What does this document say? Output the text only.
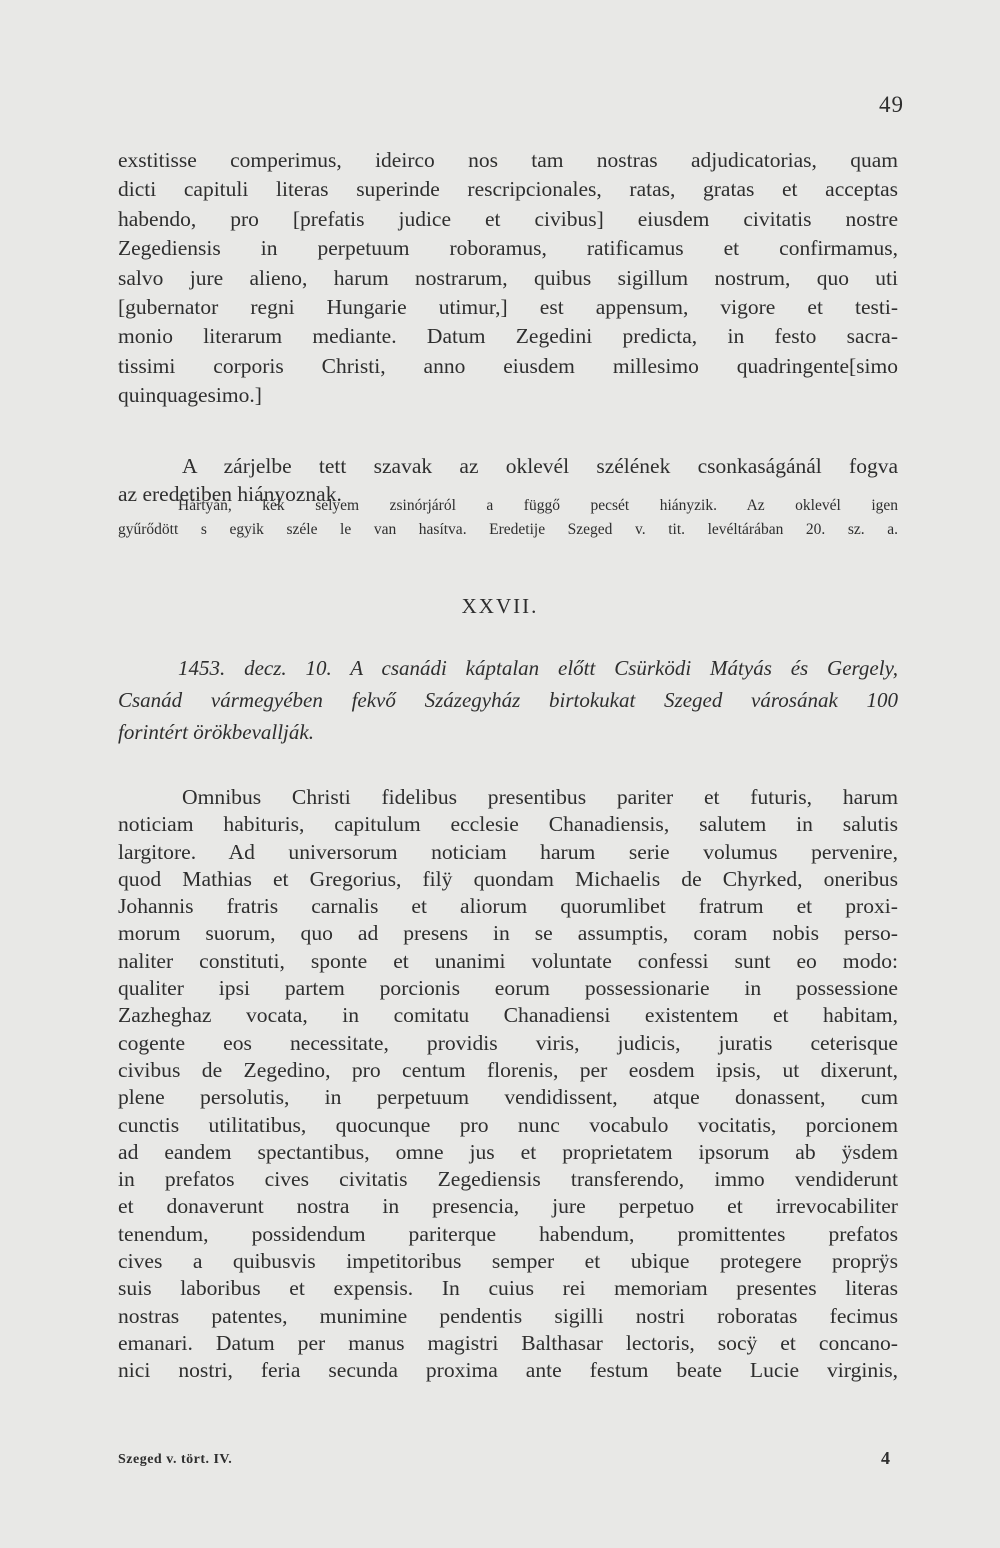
49
exstitisse comperimus, ideirco nos tam nostras adjudicatorias, quam
dicti capituli literas superinde rescripcionales, ratas, gratas et acceptas
habendo, pro [prefatis judice et civibus] eiusdem civitatis nostre
Zegediensis in perpetuum roboramus, ratificamus et confirmamus,
salvo jure alieno, harum nostrarum, quibus sigillum nostrum, quo uti
[gubernator regni Hungarie utimur,] est appensum, vigore et testi-
monio literarum mediante. Datum Zegedini predicta, in festo sacra-
tissimi corporis Christi, anno eiusdem millesimo quadringente[simo
quinquagesimo.]
A zárjelbe tett szavak az oklevél szélének csonkaságánál fogva
az eredetiben hiányoznak.
Hártyán, kék selyem zsinórjáról a függő pecsét hiányzik. Az oklevél igen
gyűrődött s egyik széle le van hasítva. Eredetije Szeged v. tit. levéltárában 20. sz. a.
XXVII.
1453. decz. 10. A csanádi káptalan előtt Csürködi Mátyás és Gergely,
Csanád vármegyében fekvő Százegyház birtokukat Szeged városának 100
forintért örökbevallják.
Omnibus Christi fidelibus presentibus pariter et futuris, harum
noticiam habituris, capitulum ecclesie Chanadiensis, salutem in salutis
largitore. Ad universorum noticiam harum serie volumus pervenire,
quod Mathias et Gregorius, filÿ quondam Michaelis de Chyrked, oneribus
Johannis fratris carnalis et aliorum quorumlibet fratrum et proxi-
morum suorum, quo ad presens in se assumptis, coram nobis perso-
naliter constituti, sponte et unanimi voluntate confessi sunt eo modo:
qualiter ipsi partem porcionis eorum possessionarie in possessione
Zazheghaz vocata, in comitatu Chanadiensi existentem et habitam,
cogente eos necessitate, providis viris, judicis, juratis ceterisque
civibus de Zegedino, pro centum florenis, per eosdem ipsis, ut dixerunt,
plene persolutis, in perpetuum vendidissent, atque donassent, cum
cunctis utilitatibus, quocunque pro nunc vocabulo vocitatis, porcionem
ad eandem spectantibus, omne jus et proprietatem ipsorum ab ÿsdem
in prefatos cives civitatis Zegediensis transferendo, immo vendiderunt
et donaverunt nostra in presencia, jure perpetuo et irrevocabiliter
tenendum, possidendum pariterque habendum, promittentes prefatos
cives a quibusvis impetitoribus semper et ubique protegere proprÿs
suis laboribus et expensis. In cuius rei memoriam presentes literas
nostras patentes, munimine pendentis sigilli nostri roboratas fecimus
emanari. Datum per manus magistri Balthasar lectoris, socÿ et concano-
nici nostri, feria secunda proxima ante festum beate Lucie virginis,
Szeged v. tört. IV.	4
